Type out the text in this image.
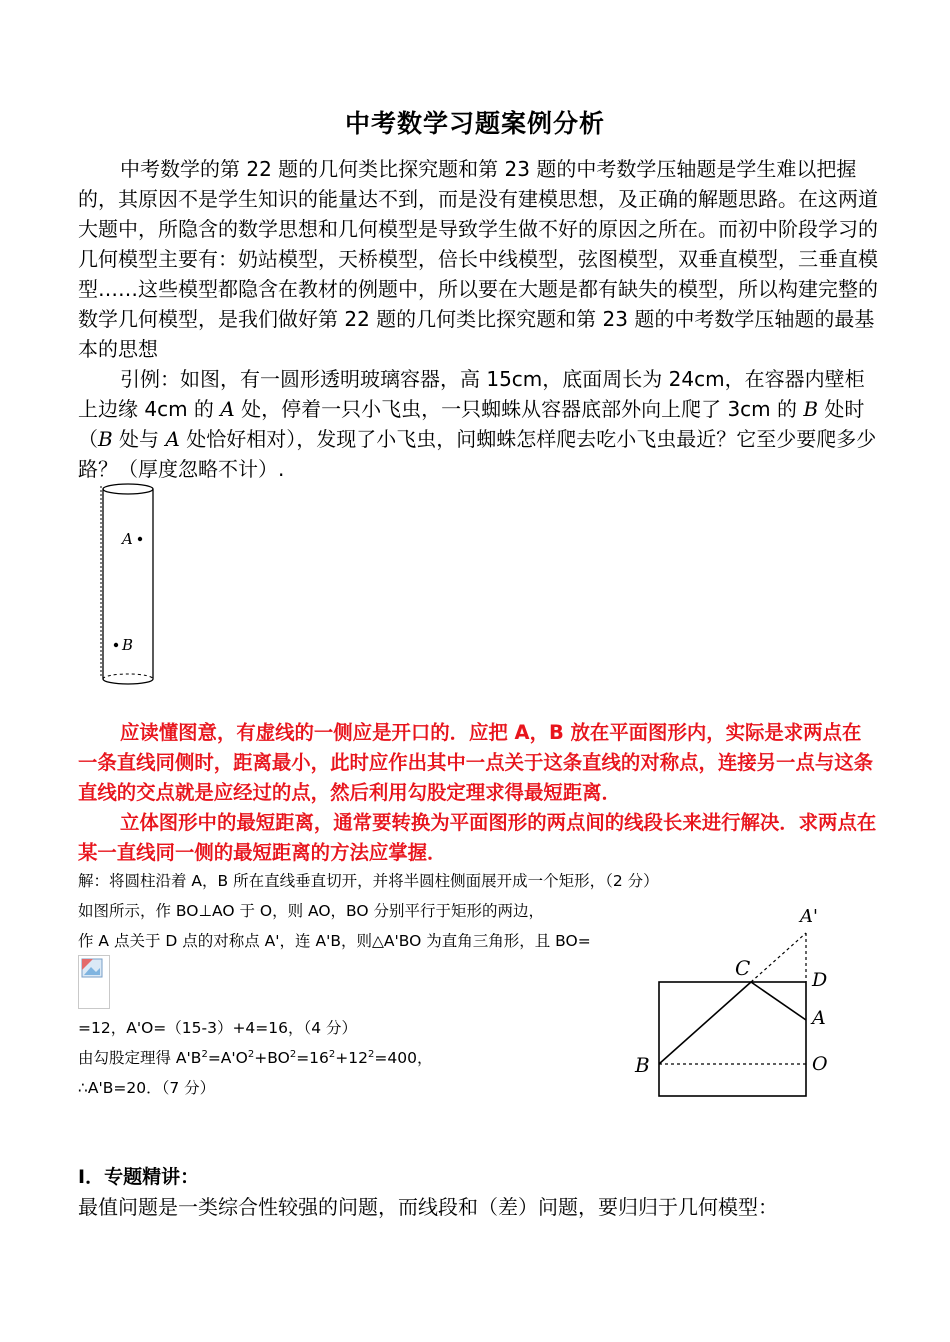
中考数学习题案例分析

中考数学的第 22 题的几何类比探究题和第 23 题的中考数学压轴题是学生难以把握的，其原因不是学生知识的能量达不到，而是没有建模思想，及正确的解题思路。在这两道大题中，所隐含的数学思想和几何模型是导致学生做不好的原因之所在。而初中阶段学习的几何模型主要有：奶站模型，天桥模型，倍长中线模型，弦图模型，双垂直模型，三垂直模型……这些模型都隐含在教材的例题中，所以要在大题是都有缺失的模型，所以构建完整的数学几何模型，是我们做好第 22 题的几何类比探究题和第 23 题的中考数学压轴题的最基本的思想

引例：如图，有一圆形透明玻璃容器，高 15cm，底面周长为 24cm，在容器内壁柜上边缘 4cm 的 A 处，停着一只小飞虫，一只蜘蛛从容器底部外向上爬了 3cm 的 B 处时（B 处与 A 处恰好相对），发现了小飞虫，问蜘蛛怎样爬去吃小飞虫最近？它至少要爬多少路？（厚度忽略不计）.

A
B

应读懂图意，有虚线的一侧应是开口的．应把 A，B 放在平面图形内，实际是求两点在一条直线同侧时，距离最小，此时应作出其中一点关于这条直线的对称点，连接另一点与这条直线的交点就是应经过的点，然后利用勾股定理求得最短距离．

立体图形中的最短距离，通常要转换为平面图形的两点间的线段长来进行解决．求两点在某一直线同一侧的最短距离的方法应掌握．

解：将圆柱沿着 A，B 所在直线垂直切开，并将半圆柱侧面展开成一个矩形，（2 分）
如图所示，作 BO⊥AO 于 O，则 AO，BO 分别平行于矩形的两边，
作 A 点关于 D 点的对称点 A'，连 A'B，则△A'BO 为直角三角形，且 BO=
=12，A'O=（15-3）+4=16，（4 分）
由勾股定理得 $A'B^2=A'O^2+BO^2=16^2+12^2=400$，
∴A'B=20．（7 分）
A'
C	D
A
B	O
Ⅰ．专题精讲：
最值问题是一类综合性较强的问题，而线段和（差）问题，要归归于几何模型：
